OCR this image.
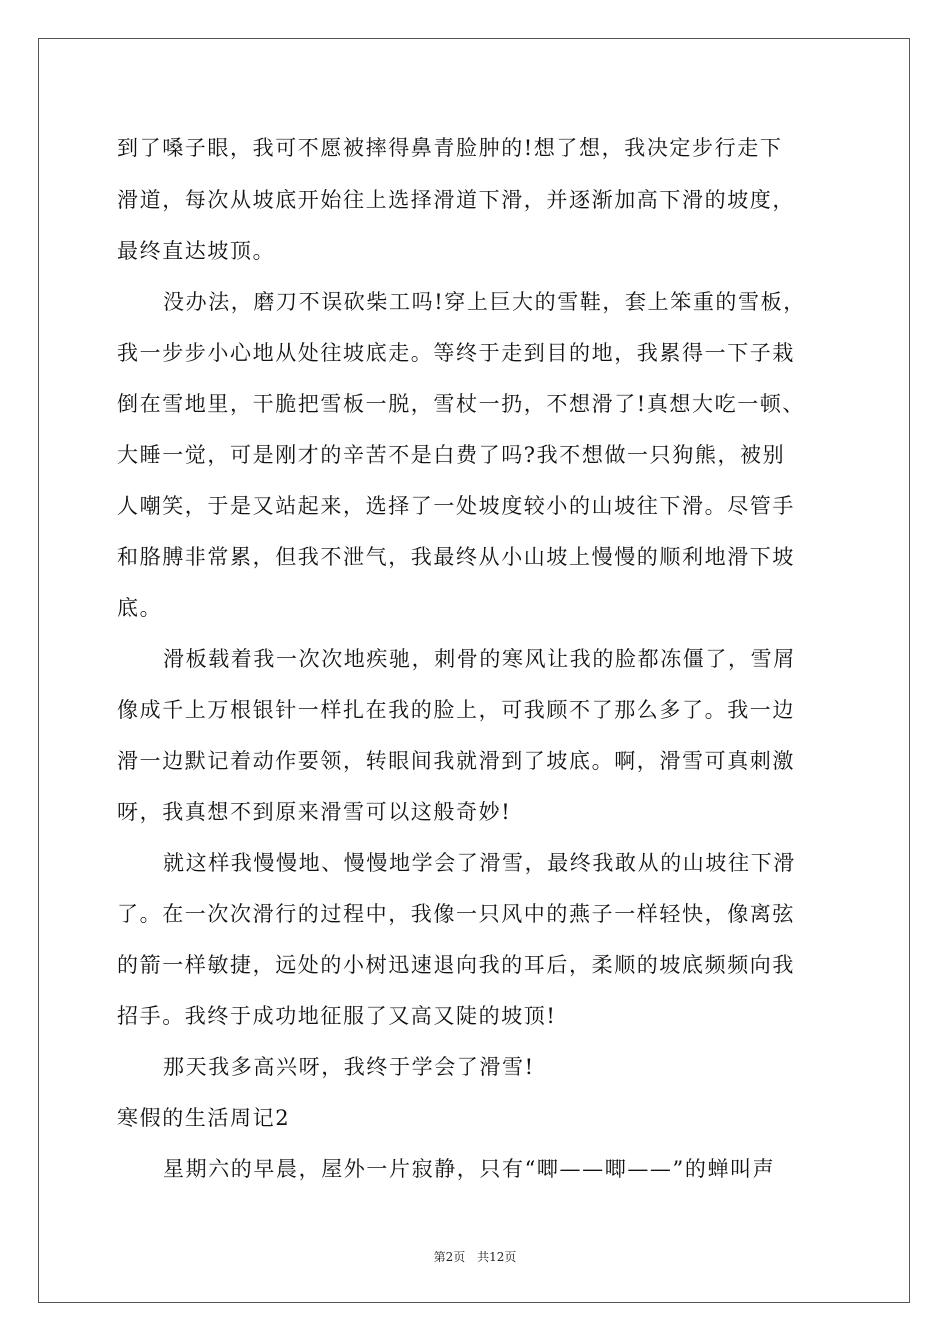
到了嗓子眼，我可不愿被摔得鼻青脸肿的!想了想，我决定步行走下
滑道，每次从坡底开始往上选择滑道下滑，并逐渐加高下滑的坡度，
最终直达坡顶。
没办法，磨刀不误砍柴工吗!穿上巨大的雪鞋，套上笨重的雪板，
我一步步小心地从处往坡底走。等终于走到目的地，我累得一下子栽
倒在雪地里，干脆把雪板一脱，雪杖一扔，不想滑了!真想大吃一顿、
大睡一觉，可是刚才的辛苦不是白费了吗?我不想做一只狗熊，被别
人嘲笑，于是又站起来，选择了一处坡度较小的山坡往下滑。尽管手
和胳膊非常累，但我不泄气，我最终从小山坡上慢慢的顺利地滑下坡
底。
滑板载着我一次次地疾驰，刺骨的寒风让我的脸都冻僵了，雪屑
像成千上万根银针一样扎在我的脸上，可我顾不了那么多了。我一边
滑一边默记着动作要领，转眼间我就滑到了坡底。啊，滑雪可真刺激
呀，我真想不到原来滑雪可以这般奇妙!
就这样我慢慢地、慢慢地学会了滑雪，最终我敢从的山坡往下滑
了。在一次次滑行的过程中，我像一只风中的燕子一样轻快，像离弦
的箭一样敏捷，远处的小树迅速退向我的耳后，柔顺的坡底频频向我
招手。我终于成功地征服了又高又陡的坡顶!
那天我多高兴呀，我终于学会了滑雪!
寒假的生活周记2
星期六的早晨，屋外一片寂静，只有“唧——唧——”的蝉叫声
第2页 共12页
